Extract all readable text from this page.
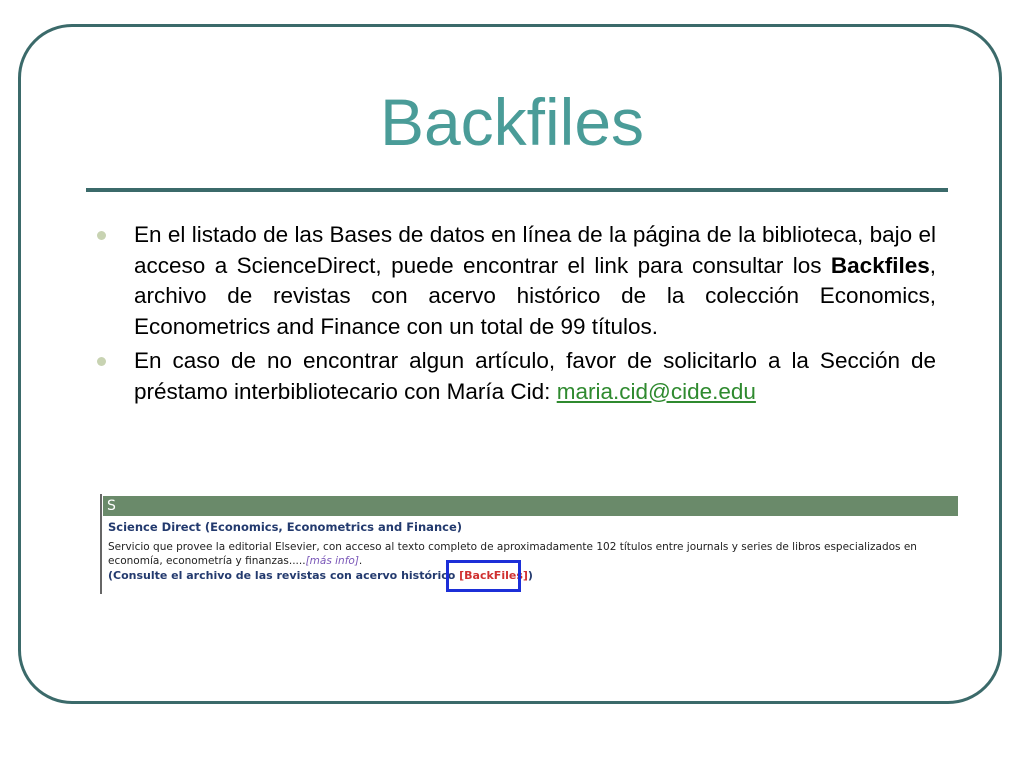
Backfiles
En el listado de las Bases de datos en línea de la página de la biblioteca, bajo el acceso a ScienceDirect, puede encontrar el link para consultar los Backfiles, archivo de revistas con acervo histórico de la colección Economics, Econometrics and Finance con un total de 99 títulos.
En caso de no encontrar algun artículo, favor de solicitarlo a la Sección de préstamo interbibliotecario con María Cid: maria.cid@cide.edu
S
Science Direct (Economics, Econometrics and Finance)
Servicio que provee la editorial Elsevier, con acceso al texto completo de aproximadamente 102 títulos entre journals y series de libros especializados en economía, econometría y finanzas.....[más info].
(Consulte el archivo de las revistas con acervo histórico [BackFiles])
